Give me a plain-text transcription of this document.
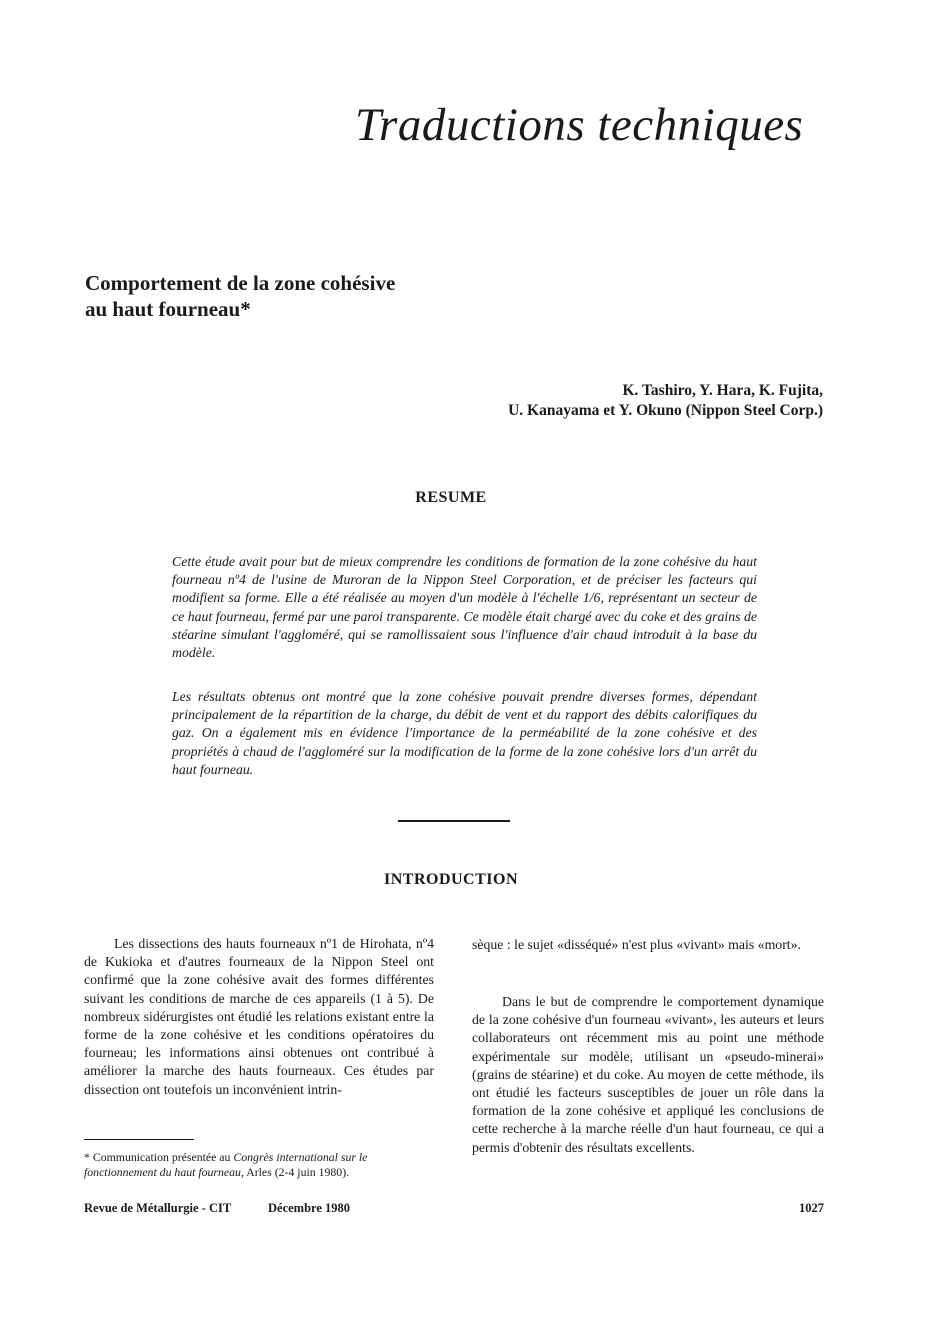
Traductions techniques
Comportement de la zone cohésive
au haut fourneau*
K. Tashiro, Y. Hara, K. Fujita,
U. Kanayama et Y. Okuno (Nippon Steel Corp.)
RESUME

Cette étude avait pour but de mieux comprendre les conditions de formation de la zone cohésive du haut fourneau nº4 de l'usine de Muroran de la Nippon Steel Corporation, et de préciser les facteurs qui modifient sa forme. Elle a été réalisée au moyen d'un modèle à l'échelle 1/6, représentant un secteur de ce haut fourneau, fermé par une paroi transparente. Ce modèle était chargé avec du coke et des grains de stéarine simulant l'aggloméré, qui se ramollissaient sous l'influence d'air chaud introduit à la base du modèle.

Les résultats obtenus ont montré que la zone cohésive pouvait prendre diverses formes, dépendant principalement de la répartition de la charge, du débit de vent et du rapport des débits calorifiques du gaz. On a également mis en évidence l'importance de la perméabilité de la zone cohésive et des propriétés à chaud de l'aggloméré sur la modification de la forme de la zone cohésive lors d'un arrêt du haut fourneau.

INTRODUCTION

Les dissections des hauts fourneaux nº1 de Hirohata, nº4 de Kukioka et d'autres fourneaux de la Nippon Steel ont confirmé que la zone cohésive avait des formes différentes suivant les conditions de marche de ces appareils (1 à 5). De nombreux sidérurgistes ont étudié les relations existant entre la forme de la zone cohésive et les conditions opératoires du fourneau; les informations ainsi obtenues ont contribué à améliorer la marche des hauts fourneaux. Ces études par dissection ont toutefois un inconvénient intrin-

sèque : le sujet «disséqué» n'est plus «vivant» mais «mort».

Dans le but de comprendre le comportement dynamique de la zone cohésive d'un fourneau «vivant», les auteurs et leurs collaborateurs ont récemment mis au point une méthode expérimentale sur modèle, utilisant un «pseudo-minerai» (grains de stéarine) et du coke. Au moyen de cette méthode, ils ont étudié les facteurs susceptibles de jouer un rôle dans la formation de la zone cohésive et appliqué les conclusions de cette recherche à la marche réelle d'un haut fourneau, ce qui a permis d'obtenir des résultats excellents.

* Communication présentée au Congrès international sur le fonctionnement du haut fourneau, Arles (2-4 juin 1980).

Revue de Métallurgie - CIT	Décembre 1980	1027
